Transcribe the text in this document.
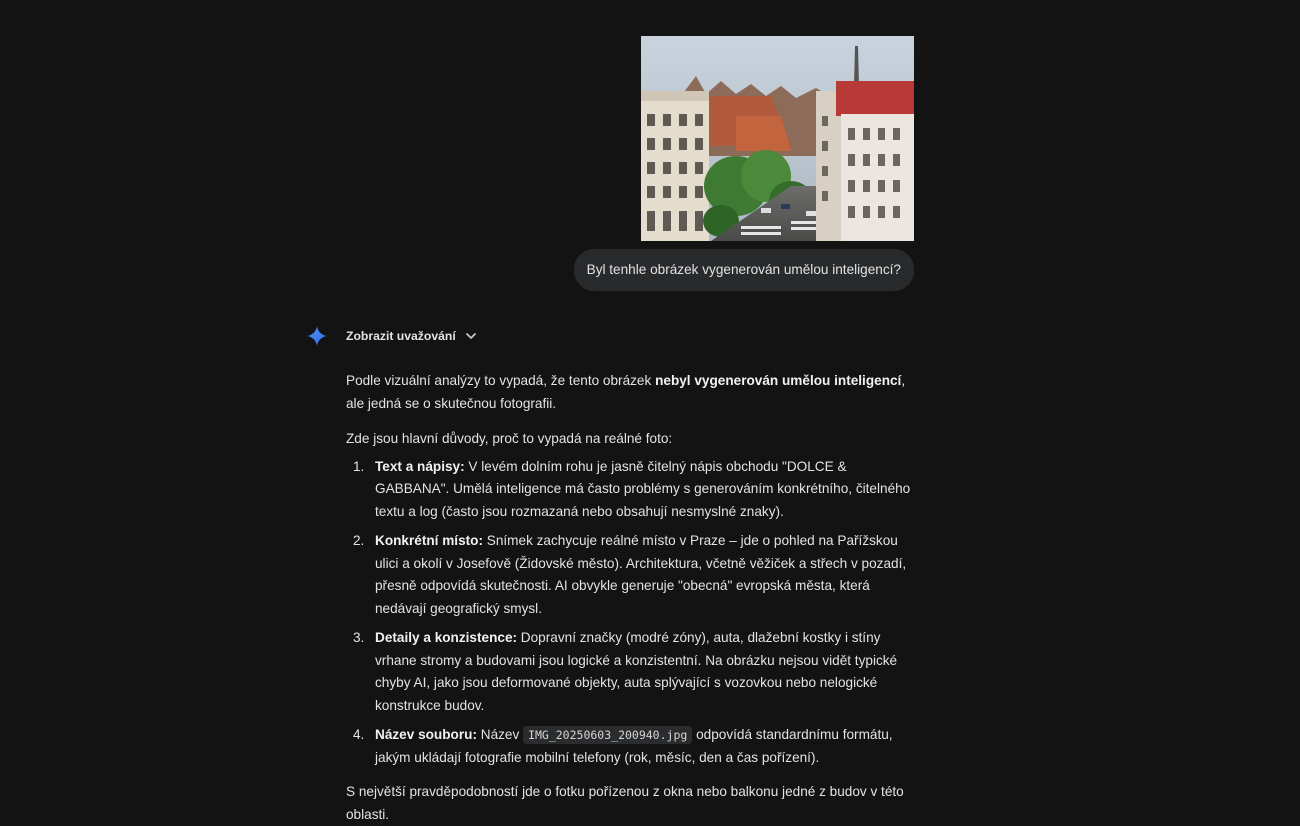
Byl tenhle obrázek vygenerován umělou inteligencí?
Zobrazit uvažování

Podle vizuální analýzy to vypadá, že tento obrázek nebyl vygenerován umělou inteligencí, ale jedná se o skutečnou fotografii.

Zde jsou hlavní důvody, proč to vypadá na reálné foto:

1. Text a nápisy: V levém dolním rohu je jasně čitelný nápis obchodu "DOLCE & GABBANA". Umělá inteligence má často problémy s generováním konkrétního, čitelného textu a log (často jsou rozmazaná nebo obsahují nesmyslné znaky).
2. Konkrétní místo: Snímek zachycuje reálné místo v Praze – jde o pohled na Pařížskou ulici a okolí v Josefově (Židovské město). Architektura, včetně věžiček a střech v pozadí, přesně odpovídá skutečnosti. AI obvykle generuje "obecná" evropská města, která nedávají geografický smysl.
3. Detaily a konzistence: Dopravní značky (modré zóny), auta, dlažební kostky i stíny vrhane stromy a budovami jsou logické a konzistentní. Na obrázku nejsou vidět typické chyby AI, jako jsou deformované objekty, auta splývající s vozovkou nebo nelogické konstrukce budov.
4. Název souboru: Název IMG_20250603_200940.jpg odpovídá standardnímu formátu, jakým ukládají fotografie mobilní telefony (rok, měsíc, den a čas pořízení).

S největší pravděpodobností jde o fotku pořízenou z okna nebo balkonu jedné z budov v této oblasti.
